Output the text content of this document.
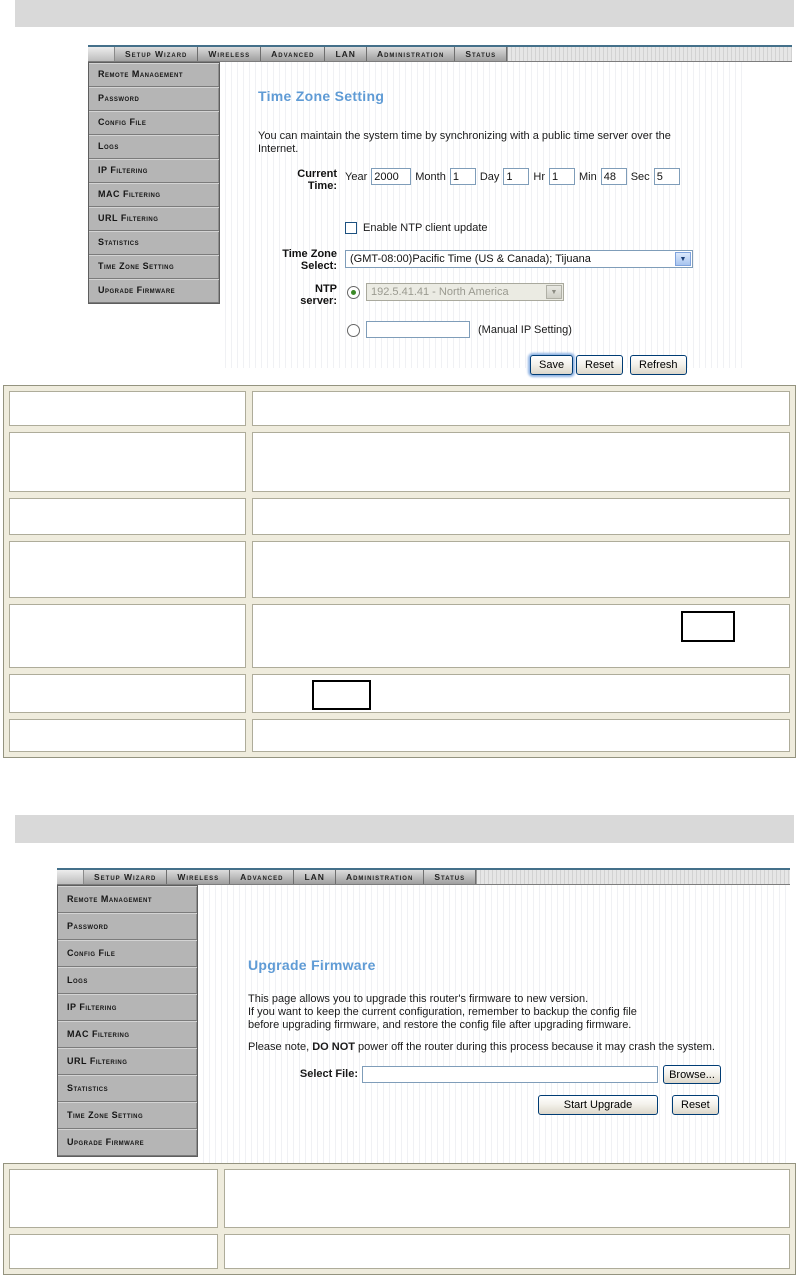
Setup Wizard	Wireless	Advanced	LAN	Administration	Status
Remote Management
Password
Config File
Logs
IP Filtering
MAC Filtering
URL Filtering
Statistics
Time Zone Setting
Upgrade Firmware
Time Zone Setting
You can maintain the system time by synchronizing with a public time server over the Internet.
Current
Time:
Year
2000	Month
1	Day
1	Hr
1	Min
48	Sec
5
Enable NTP client update
Time Zone
Select:
(GMT-08:00)Pacific Time (US & Canada); Tijuana	▼
NTP
server:
192.5.41.41 - North America	▼
(Manual IP Setting)
Save	Reset	Refresh
Setup Wizard	Wireless	Advanced	LAN	Administration	Status
Remote Management
Password
Config File
Logs
IP Filtering
MAC Filtering
URL Filtering
Statistics
Time Zone Setting
Upgrade Firmware
Upgrade Firmware
This page allows you to upgrade this router's firmware to new version.
If you want to keep the current configuration, remember to backup the config file
before upgrading firmware, and restore the config file after upgrading firmware.
Please note, DO NOT power off the router during this process because it may crash the system.
Select File:	Browse...
Start Upgrade	Reset
